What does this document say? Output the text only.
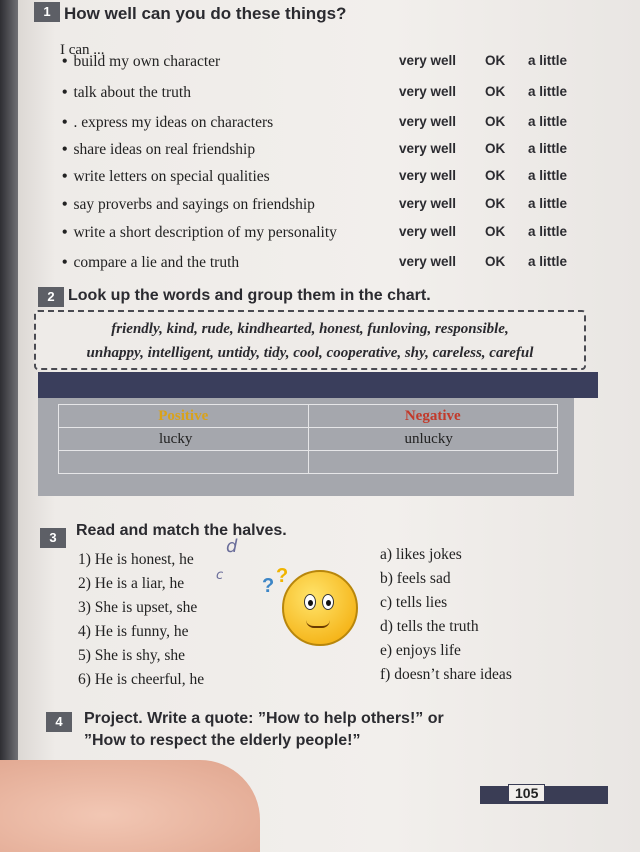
1 How well can you do these things?
I can ...
• build my own character	very well OK a little
• talk about the truth	very well OK a little
• . express my ideas on characters	very well OK a little
• share ideas on real friendship	very well OK a little
• write letters on special qualities	very well OK a little
• say proverbs and sayings on friendship	very well OK a little
• write a short description of my personality	very well OK a little
• compare a lie and the truth	very well OK a little
2 Look up the words and group them in the chart.
friendly, kind, rude, kindhearted, honest, funloving, responsible,
unhappy, intelligent, untidy, tidy, cool, cooperative, shy, careless, careful
Positive	Negative
lucky	unlucky

3	Read and match the halves.
1) He is honest, he
2) He is a liar, he
3) She is upset, she
4) He is funny, he
5) She is shy, she
6) He is cheerful, he
a) likes jokes
b) feels sad
c) tells lies
d) tells the truth
e) enjoys life
f) doesn’t share ideas
d
c ? ?
4	Project. Write a quote: ”How to help others!” or
”How to respect the elderly people!”
105
